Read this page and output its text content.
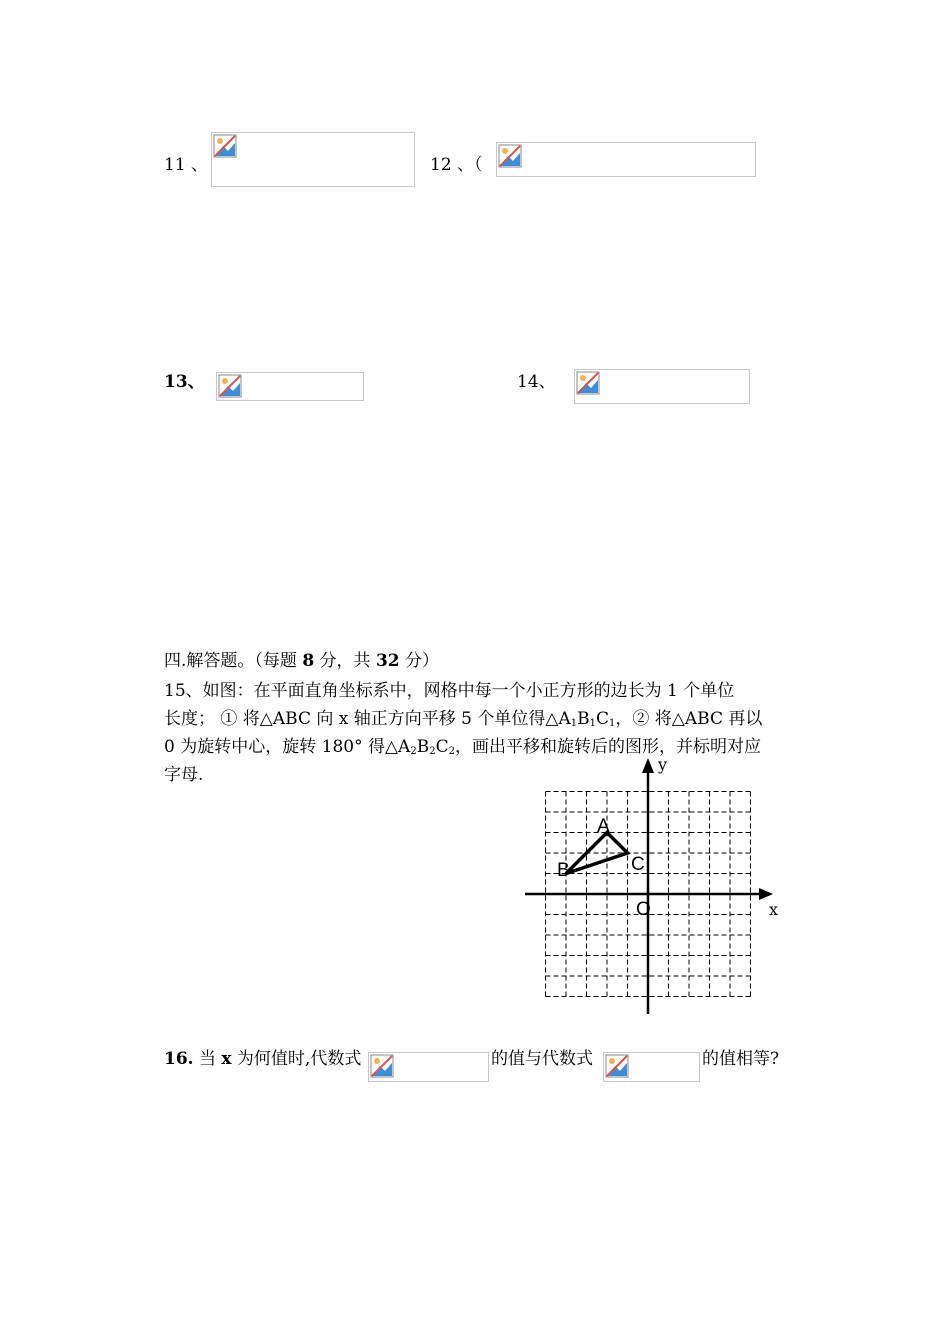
11 、	12 、（
13、	14、
四.解答题。（每题 8 分，共 32 分）
15、如图：在平面直角坐标系中，网格中每一个小正方形的边长为 1 个单位
长度； ① 将△ABC 向 x 轴正方向平移 5 个单位得$\triangle A_1B_1C_1$，② 将△ABC 再以
0 为旋转中心，旋转 180° 得$\triangle A_2B_2C_2$，画出平移和旋转后的图形，并标明对应
字母.
y
x
A
B	C
O
16. 当 x 为何值时,代数式	的值与代数式	的值相等?
